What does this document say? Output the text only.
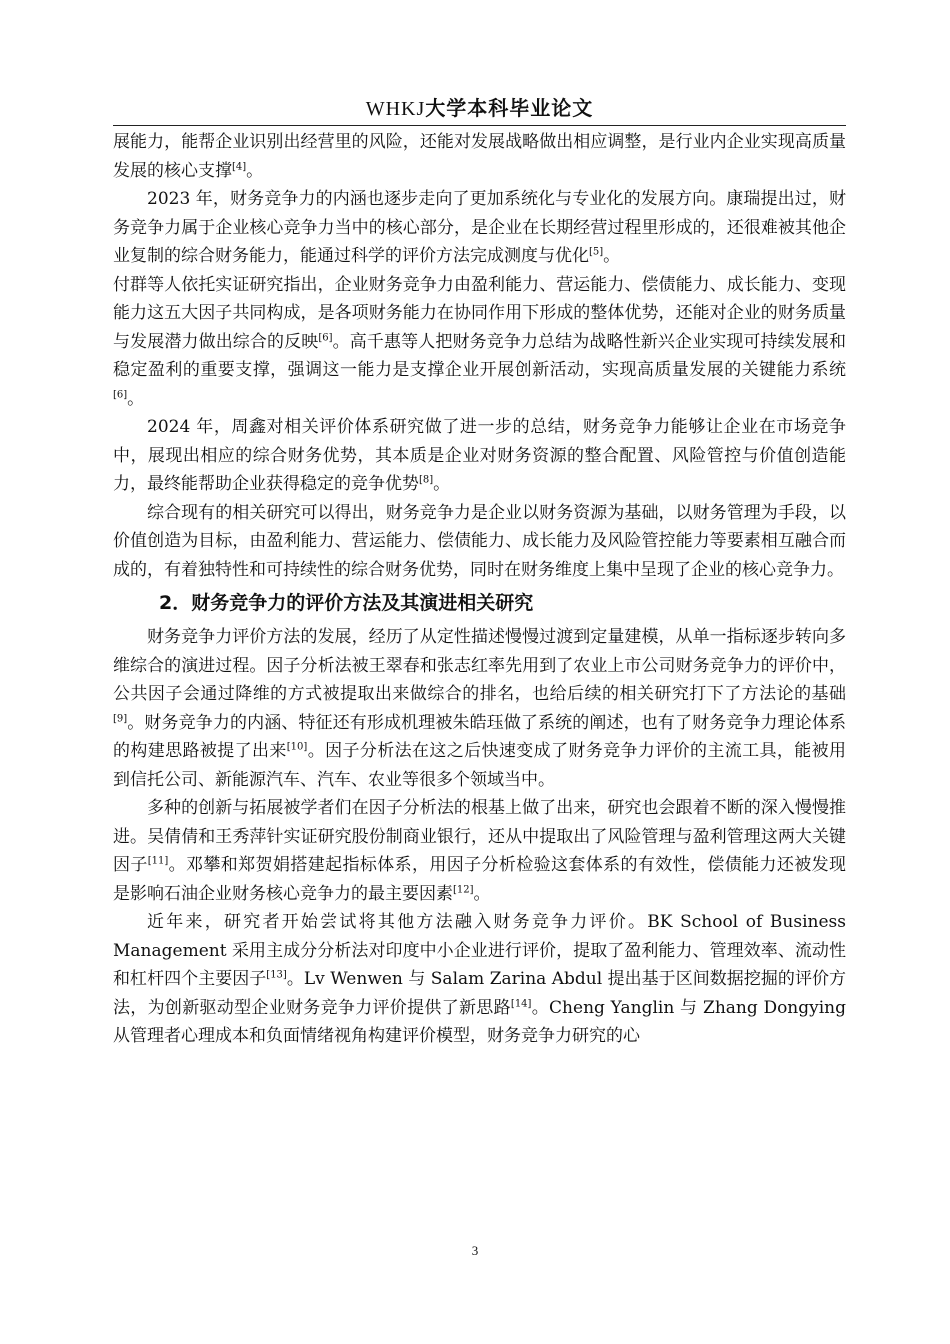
WHKJ大学本科毕业论文

展能力，能帮企业识别出经营里的风险，还能对发展战略做出相应调整，是行业内企业实现高质量发展的核心支撑[4]。

2023 年，财务竞争力的内涵也逐步走向了更加系统化与专业化的发展方向。康瑞提出过，财务竞争力属于企业核心竞争力当中的核心部分，是企业在长期经营过程里形成的，还很难被其他企业复制的综合财务能力，能通过科学的评价方法完成测度与优化[5]。

付群等人依托实证研究指出，企业财务竞争力由盈利能力、营运能力、偿债能力、成长能力、变现能力这五大因子共同构成，是各项财务能力在协同作用下形成的整体优势，还能对企业的财务质量与发展潜力做出综合的反映[6]。高千惠等人把财务竞争力总结为战略性新兴企业实现可持续发展和稳定盈利的重要支撑，强调这一能力是支撑企业开展创新活动，实现高质量发展的关键能力系统[6]。

2024 年，周鑫对相关评价体系研究做了进一步的总结，财务竞争力能够让企业在市场竞争中，展现出相应的综合财务优势，其本质是企业对财务资源的整合配置、风险管控与价值创造能力，最终能帮助企业获得稳定的竞争优势[8]。

综合现有的相关研究可以得出，财务竞争力是企业以财务资源为基础，以财务管理为手段，以价值创造为目标，由盈利能力、营运能力、偿债能力、成长能力及风险管控能力等要素相互融合而成的，有着独特性和可持续性的综合财务优势，同时在财务维度上集中呈现了企业的核心竞争力。

2．财务竞争力的评价方法及其演进相关研究

财务竞争力评价方法的发展，经历了从定性描述慢慢过渡到定量建模，从单一指标逐步转向多维综合的演进过程。因子分析法被王翠春和张志红率先用到了农业上市公司财务竞争力的评价中，公共因子会通过降维的方式被提取出来做综合的排名，也给后续的相关研究打下了方法论的基础[9]。财务竞争力的内涵、特征还有形成机理被朱皓珏做了系统的阐述，也有了财务竞争力理论体系的构建思路被提了出来[10]。因子分析法在这之后快速变成了财务竞争力评价的主流工具，能被用到信托公司、新能源汽车、汽车、农业等很多个领域当中。

多种的创新与拓展被学者们在因子分析法的根基上做了出来，研究也会跟着不断的深入慢慢推进。吴倩倩和王秀萍针实证研究股份制商业银行，还从中提取出了风险管理与盈利管理这两大关键因子[11]。邓攀和郑贺娟搭建起指标体系，用因子分析检验这套体系的有效性，偿债能力还被发现是影响石油企业财务核心竞争力的最主要因素[12]。

近年来，研究者开始尝试将其他方法融入财务竞争力评价。BK School of Business Management 采用主成分分析法对印度中小企业进行评价，提取了盈利能力、管理效率、流动性和杠杆四个主要因子[13]。Lv Wenwen 与 Salam Zarina Abdul 提出基于区间数据挖掘的评价方法，为创新驱动型企业财务竞争力评价提供了新思路[14]。Cheng Yanglin 与 Zhang Dongying 从管理者心理成本和负面情绪视角构建评价模型，财务竞争力研究的心

3
